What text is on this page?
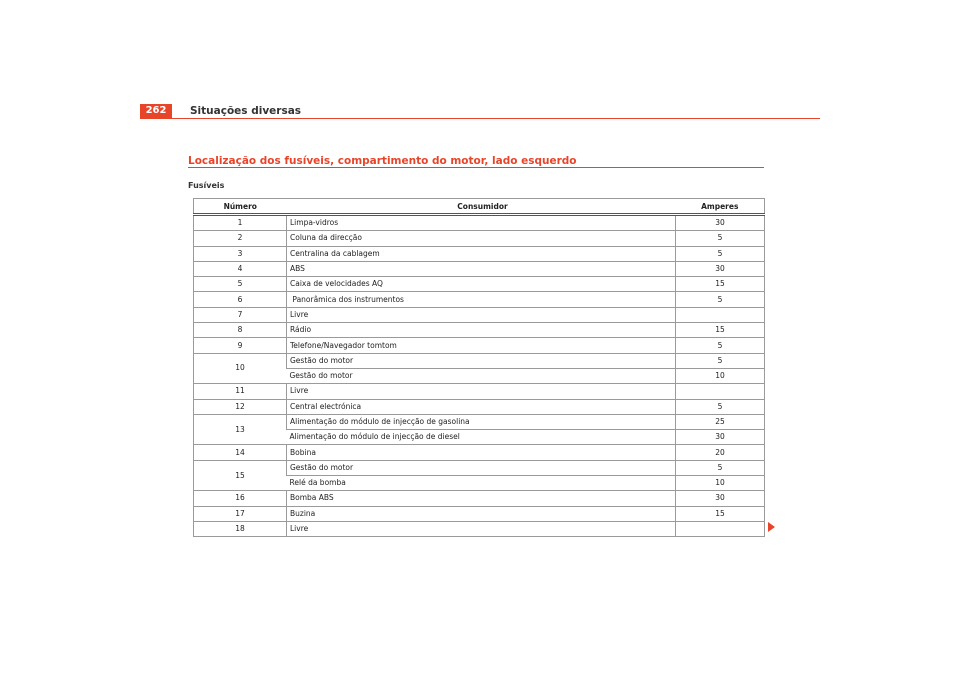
262	Situações diversas
Localização dos fusíveis, compartimento do motor, lado esquerdo
Fusíveis
Número	Consumidor	Amperes
1	Limpa-vidros	30
2	Coluna da direcção	5
3	Centralina da cablagem	5
4	ABS	30
5	Caixa de velocidades AQ	15
6	Panorâmica dos instrumentos	5
7	Livre	
8	Rádio	15
9	Telefone/Navegador tomtom	5
10	Gestão do motor	5
	Gestão do motor	10
11	Livre	
12	Central electrónica	5
13	Alimentação do módulo de injecção de gasolina	25
	Alimentação do módulo de injecção de diesel	30
14	Bobina	20
15	Gestão do motor	5
	Relé da bomba	10
16	Bomba ABS	30
17	Buzina	15
18	Livre	
